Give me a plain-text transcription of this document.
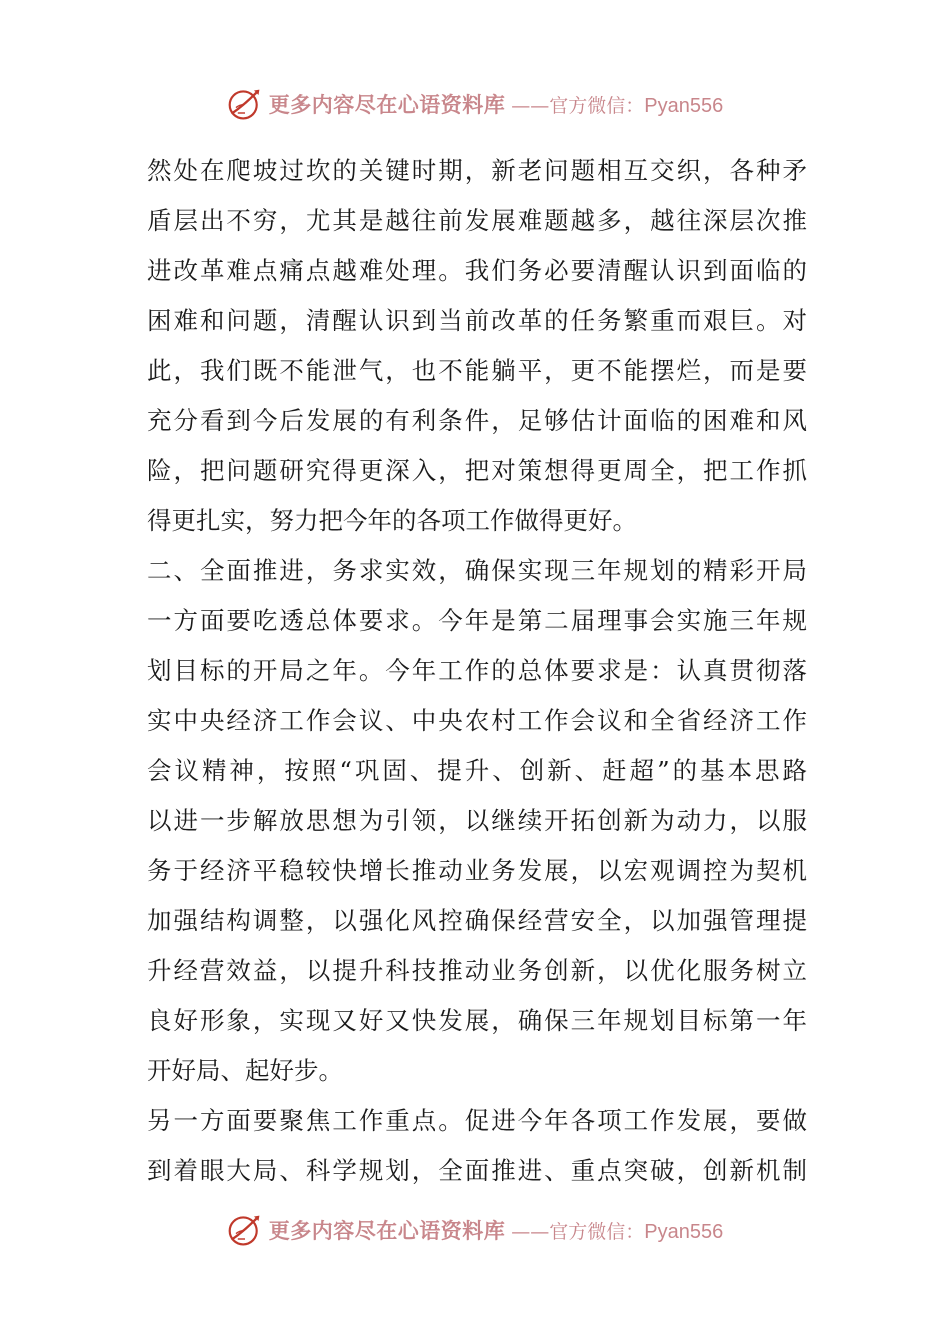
更多内容尽在心语资料库 ——官方微信：Pyan556
然处在爬坡过坎的关键时期，新老问题相互交织，各种矛
盾层出不穷，尤其是越往前发展难题越多，越往深层次推
进改革难点痛点越难处理。我们务必要清醒认识到面临的
困难和问题，清醒认识到当前改革的任务繁重而艰巨。对
此，我们既不能泄气，也不能躺平，更不能摆烂，而是要
充分看到今后发展的有利条件，足够估计面临的困难和风
险，把问题研究得更深入，把对策想得更周全，把工作抓
得更扎实，努力把今年的各项工作做得更好。
二、全面推进，务求实效，确保实现三年规划的精彩开局
一方面要吃透总体要求。今年是第二届理事会实施三年规
划目标的开局之年。今年工作的总体要求是：认真贯彻落
实中央经济工作会议、中央农村工作会议和全省经济工作
会议精神，按照“巩固、提升、创新、赶超”的基本思路
以进一步解放思想为引领，以继续开拓创新为动力，以服
务于经济平稳较快增长推动业务发展，以宏观调控为契机
加强结构调整，以强化风控确保经营安全，以加强管理提
升经营效益，以提升科技推动业务创新，以优化服务树立
良好形象，实现又好又快发展，确保三年规划目标第一年
开好局、起好步。
另一方面要聚焦工作重点。促进今年各项工作发展，要做
到着眼大局、科学规划，全面推进、重点突破，创新机制
更多内容尽在心语资料库 ——官方微信：Pyan556
